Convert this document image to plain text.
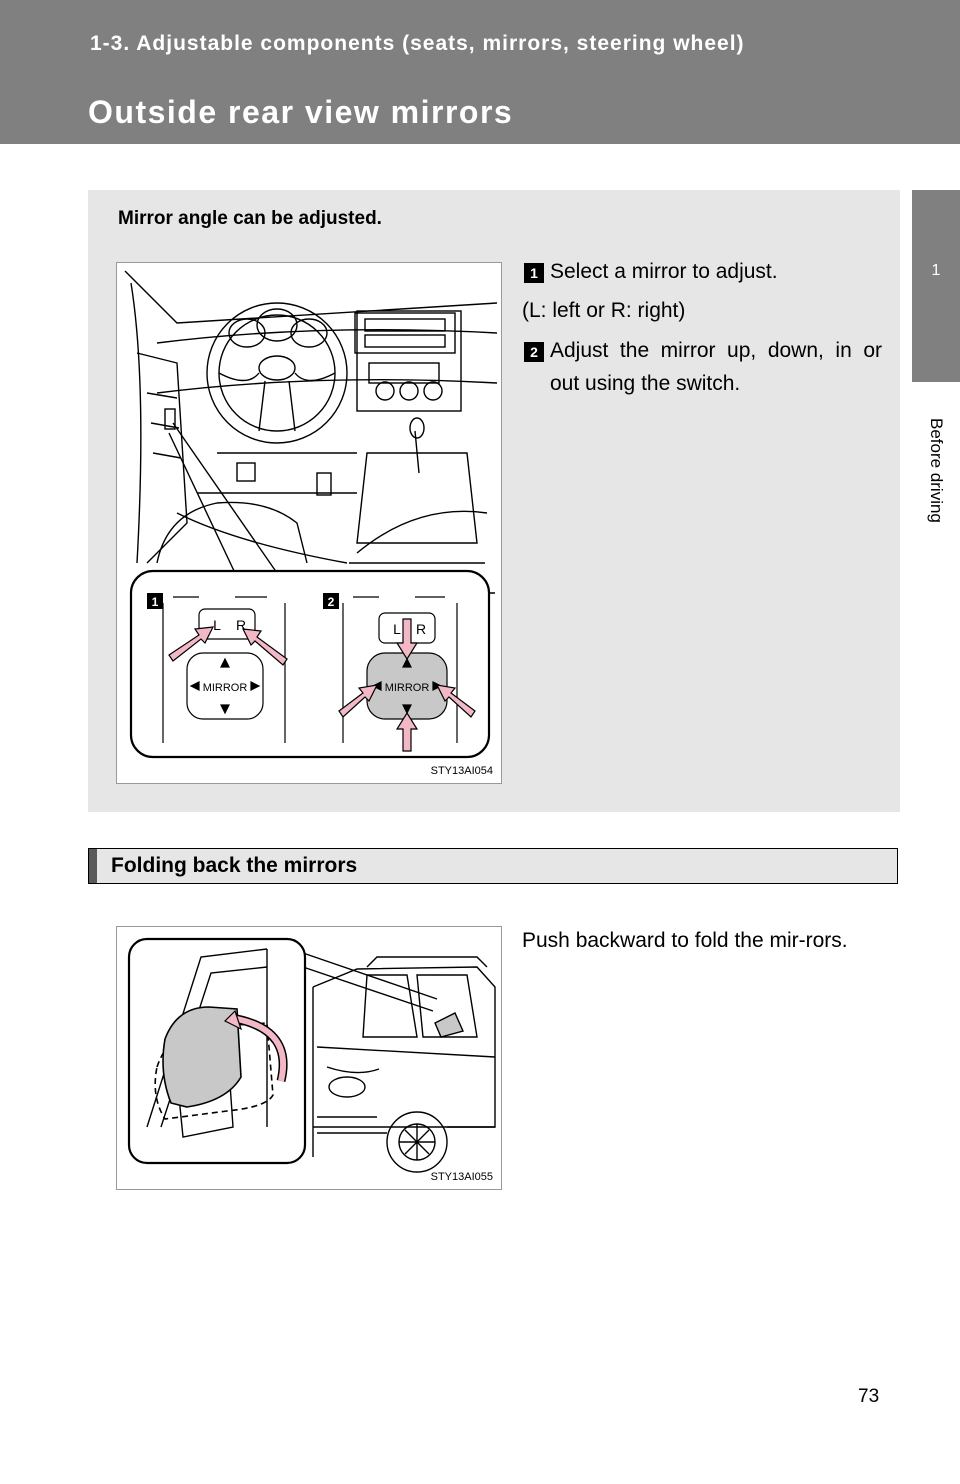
1-3. Adjustable components (seats, mirrors, steering wheel)
Outside rear view mirrors
1
Before driving
Mirror angle can be adjusted.
1	2
L R	L R
MIRROR	MIRROR
STY13AI054
1 Select a mirror to adjust.
(L: left or R: right)
2 Adjust the mirror up, down, in or out using the switch.
Folding back the mirrors
STY13AI055
Push backward to fold the mir-rors.
73
